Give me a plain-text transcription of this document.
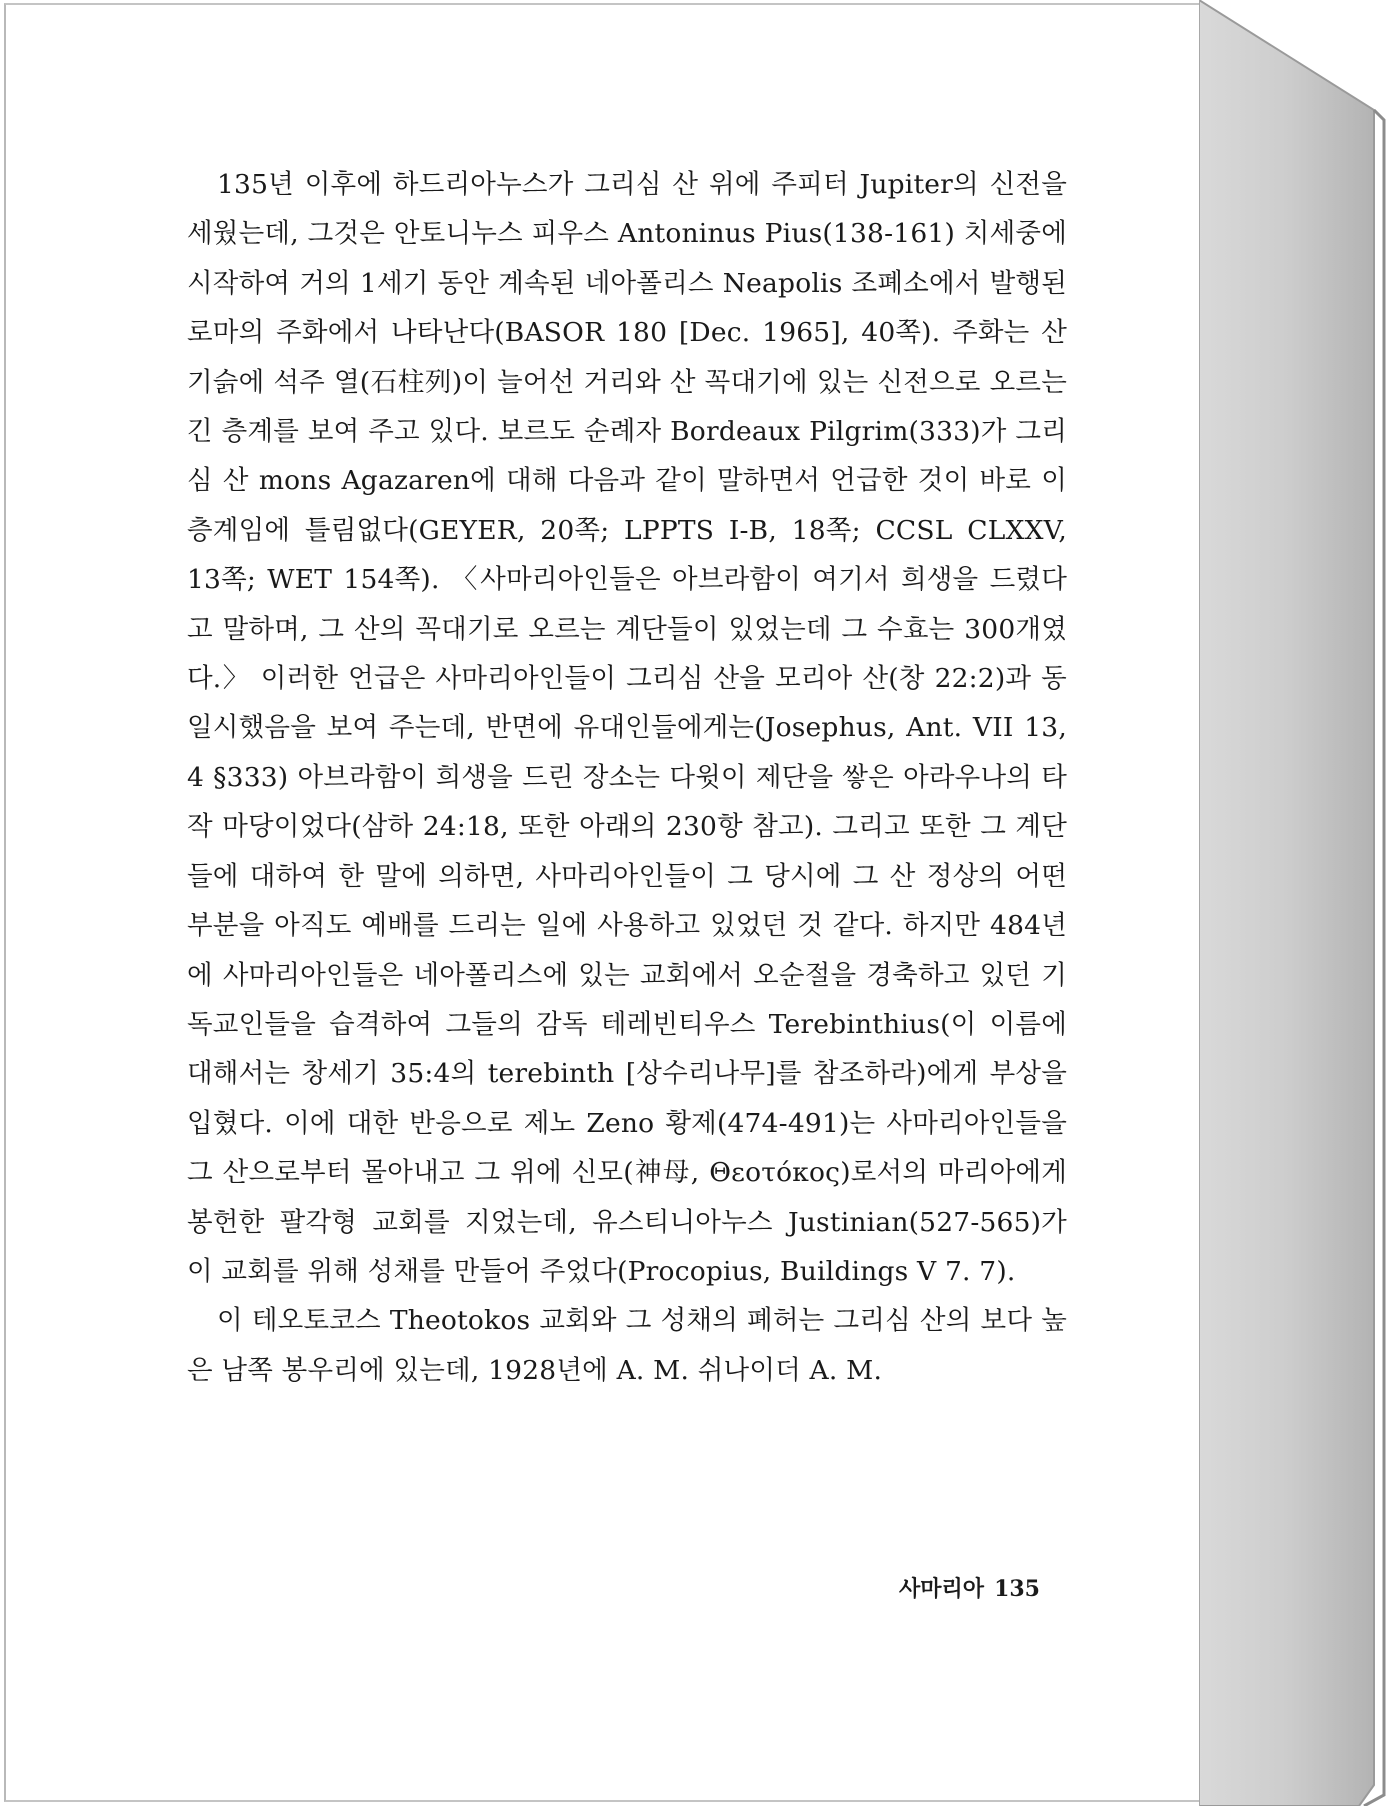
135년 이후에 하드리아누스가 그리심 산 위에 주피터 Jupiter의 신전을 세웠는데, 그것은 안토니누스 피우스 Antoninus Pius(138-161) 치세중에 시작하여 거의 1세기 동안 계속된 네아폴리스 Neapolis 조폐소에서 발행된 로마의 주화에서 나타난다(BASOR 180 [Dec. 1965], 40쪽). 주화는 산기슭에 석주 열(石柱列)이 늘어선 거리와 산 꼭대기에 있는 신전으로 오르는 긴 층계를 보여 주고 있다. 보르도 순례자 Bordeaux Pilgrim(333)가 그리심 산 mons Agazaren에 대해 다음과 같이 말하면서 언급한 것이 바로 이 층계임에 틀림없다(GEYER, 20쪽; LPPTS I-B, 18쪽; CCSL CLXXV, 13쪽; WET 154쪽). 〈사마리아인들은 아브라함이 여기서 희생을 드렸다고 말하며, 그 산의 꼭대기로 오르는 계단들이 있었는데 그 수효는 300개였다.〉 이러한 언급은 사마리아인들이 그리심 산을 모리아 산(창 22:2)과 동일시했음을 보여 주는데, 반면에 유대인들에게는(Josephus, Ant. VII 13, 4 §333) 아브라함이 희생을 드린 장소는 다윗이 제단을 쌓은 아라우나의 타작 마당이었다(삼하 24:18, 또한 아래의 230항 참고). 그리고 또한 그 계단들에 대하여 한 말에 의하면, 사마리아인들이 그 당시에 그 산 정상의 어떤 부분을 아직도 예배를 드리는 일에 사용하고 있었던 것 같다. 하지만 484년에 사마리아인들은 네아폴리스에 있는 교회에서 오순절을 경축하고 있던 기독교인들을 습격하여 그들의 감독 테레빈티우스 Terebinthius(이 이름에 대해서는 창세기 35:4의 terebinth [상수리나무]를 참조하라)에게 부상을 입혔다. 이에 대한 반응으로 제노 Zeno 황제(474-491)는 사마리아인들을 그 산으로부터 몰아내고 그 위에 신모(神母, Θεοτόκος)로서의 마리아에게 봉헌한 팔각형 교회를 지었는데, 유스티니아누스 Justinian(527-565)가 이 교회를 위해 성채를 만들어 주었다(Procopius, Buildings V 7. 7).

이 테오토코스 Theotokos 교회와 그 성채의 폐허는 그리심 산의 보다 높은 남쪽 봉우리에 있는데, 1928년에 A. M. 쉬나이더 A. M.

사마리아 135
